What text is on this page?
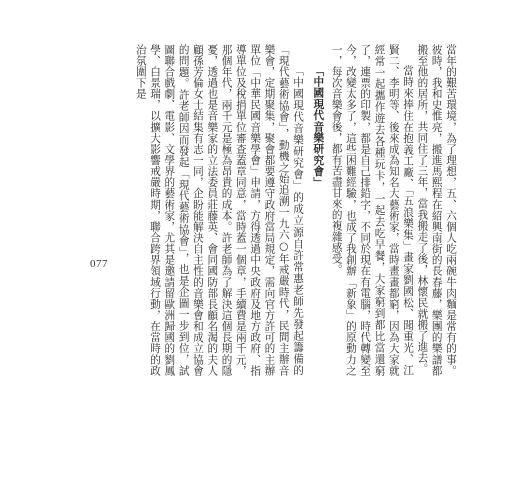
當年的艱苦環境，為了理想，五、六個人吃兩碗牛肉麵是常有的事。彼時，我和史惟亮，搬進馬熙程在紹興南街的長春藤，樂團的樂譜都搬至他的居所，共同住了三年，當我搬走了後，林懷民就搬了進去。

當時來捧住在抱義工廠、「五浪樂集」畫家劉國松、聞重光、江賢二、李明等、後來成為知名大藝術家，當時畫畫都窮，因為大家就經常一起攜作遊去各種玩卡，一起去吃早餐，大家窮到都比當還窮了，連票的印製，都是自己排鉛字，不同於現在有電腦，時代轉變至今，改變太多了，這些困難經驗，也成了我創辦「新象」的原動力之一，每次音樂會後，都有苦盡甘來的複雜感受。

「中國現代音樂研究會」

「中國現代音樂研究會」的成立源自許常惠老師先發起籌備的「現代藝術協會」，動機之始追溯一九六○年戒嚴時代，民間主辦音樂會，定期聚集，聚會都要遵守政府當局規定，需向官方許可的主辦單位「中華民國音樂學會」申請，方得透過中央政府及地方政府、指導單位及稅捐單位審查蓋章同意，當時蓋一個章，手續費是兩千元，那個年代，兩千元是極為昂貴的成本。許老師為了解決這個長期的隱憂，透過也是音樂家的立法委員莊藤英、會同國防部長顧名渴的夫人顧孫芳倫女士結集有志一同，企盼能解決自主性的音樂會和成立協會的問題。許老師因而發起「現代藝術協會」，也是企圖一步到位，試圖聯合戲劇、電影、文學界的藝術家，尤其是邀請留歐洲歸國的劉鳳學、白景瑞，以擴大影響戒嚴時期，聯合跨界領域行動，在當時的政治氛圍下是

077
